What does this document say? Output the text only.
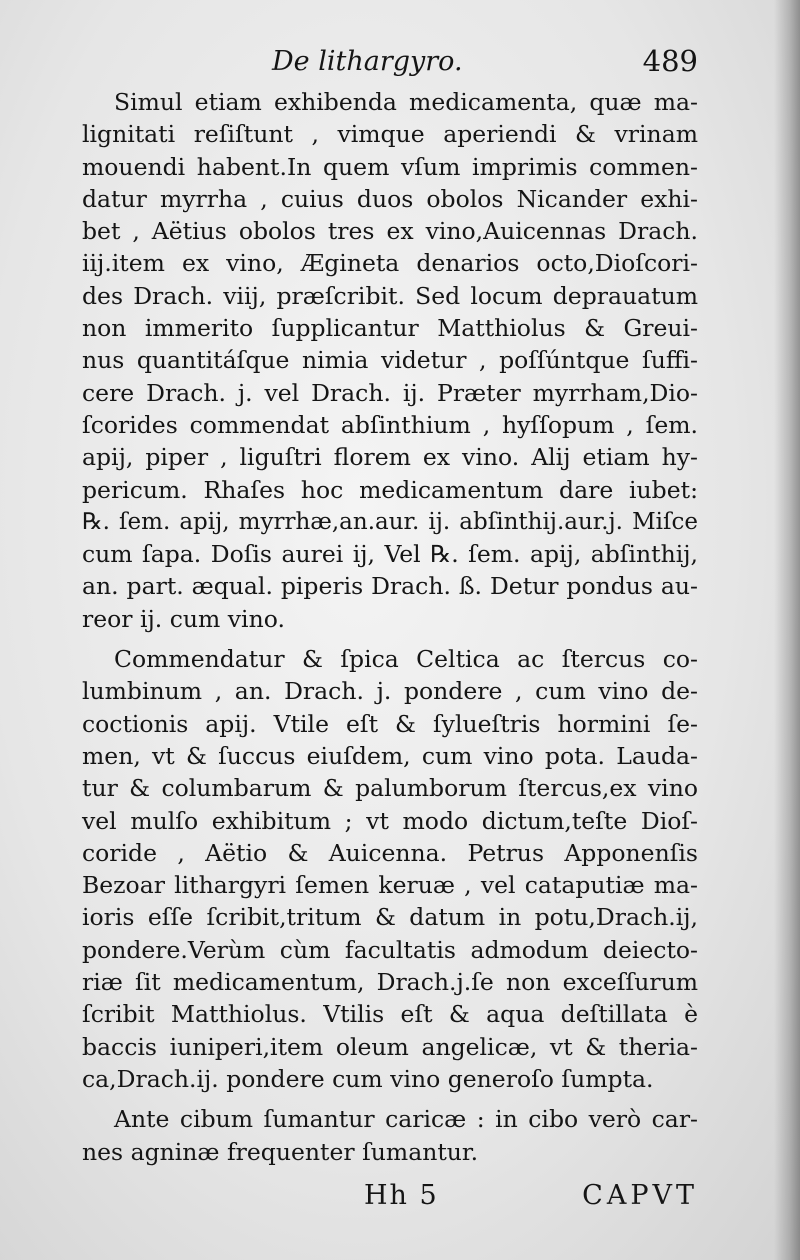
De lithargyro.	489
Simul etiam exhibenda medicamenta, quæ ma-
lignitati reſiſtunt , vimque aperiendi & vrinam
mouendi habent.In quem vſum imprimis commen-
datur myrrha , cuius duos obolos Nicander exhi-
bet , Aëtius obolos tres ex vino,Auicennas Drach.
iij.item ex vino, Ægineta denarios octo,Dioſcori-
des Drach. viij, præſcribit. Sed locum deprauatum
non immerito ſupplicantur Matthiolus & Greui-
nus quantitáſque nimia videtur , poſſúntque ſuffi-
cere Drach. j. vel Drach. ij. Præter myrrham,Dio-
ſcorides commendat abſinthium , hyſſopum , ſem.
apij, piper , liguſtri florem ex vino. Alij etiam hy-
pericum. Rhaſes hoc medicamentum dare iubet:
℞. ſem. apij, myrrhæ,an.aur. ij. abſinthij.aur.j. Miſce
cum ſapa. Doſis aurei ij, Vel ℞. ſem. apij, abſinthij,
an. part. æqual. piperis Drach. ß. Detur pondus au-
reor ij. cum vino.
Commendatur & ſpica Celtica ac ſtercus co-
lumbinum , an. Drach. j. pondere , cum vino de-
coctionis apij. Vtile eſt & ſylueſtris hormini ſe-
men, vt & ſuccus eiuſdem, cum vino pota. Lauda-
tur & columbarum & palumborum ſtercus,ex vino
vel mulſo exhibitum ; vt modo dictum,teſte Dioſ-
coride , Aëtio & Auicenna. Petrus Apponenſis
Bezoar lithargyri ſemen keruæ , vel cataputiæ ma-
ioris eſſe ſcribit,tritum & datum in potu,Drach.ij,
pondere.Verùm cùm facultatis admodum deiecto-
riæ ſit medicamentum, Drach.j.ſe non exceſſurum
ſcribit Matthiolus. Vtilis eſt & aqua deſtillata è
baccis iuniperi,item oleum angelicæ, vt & theria-
ca,Drach.ij. pondere cum vino generoſo ſumpta.
Ante cibum ſumantur caricæ : in cibo verò car-
nes agninæ frequenter ſumantur.
Hh 5	CAPVT
